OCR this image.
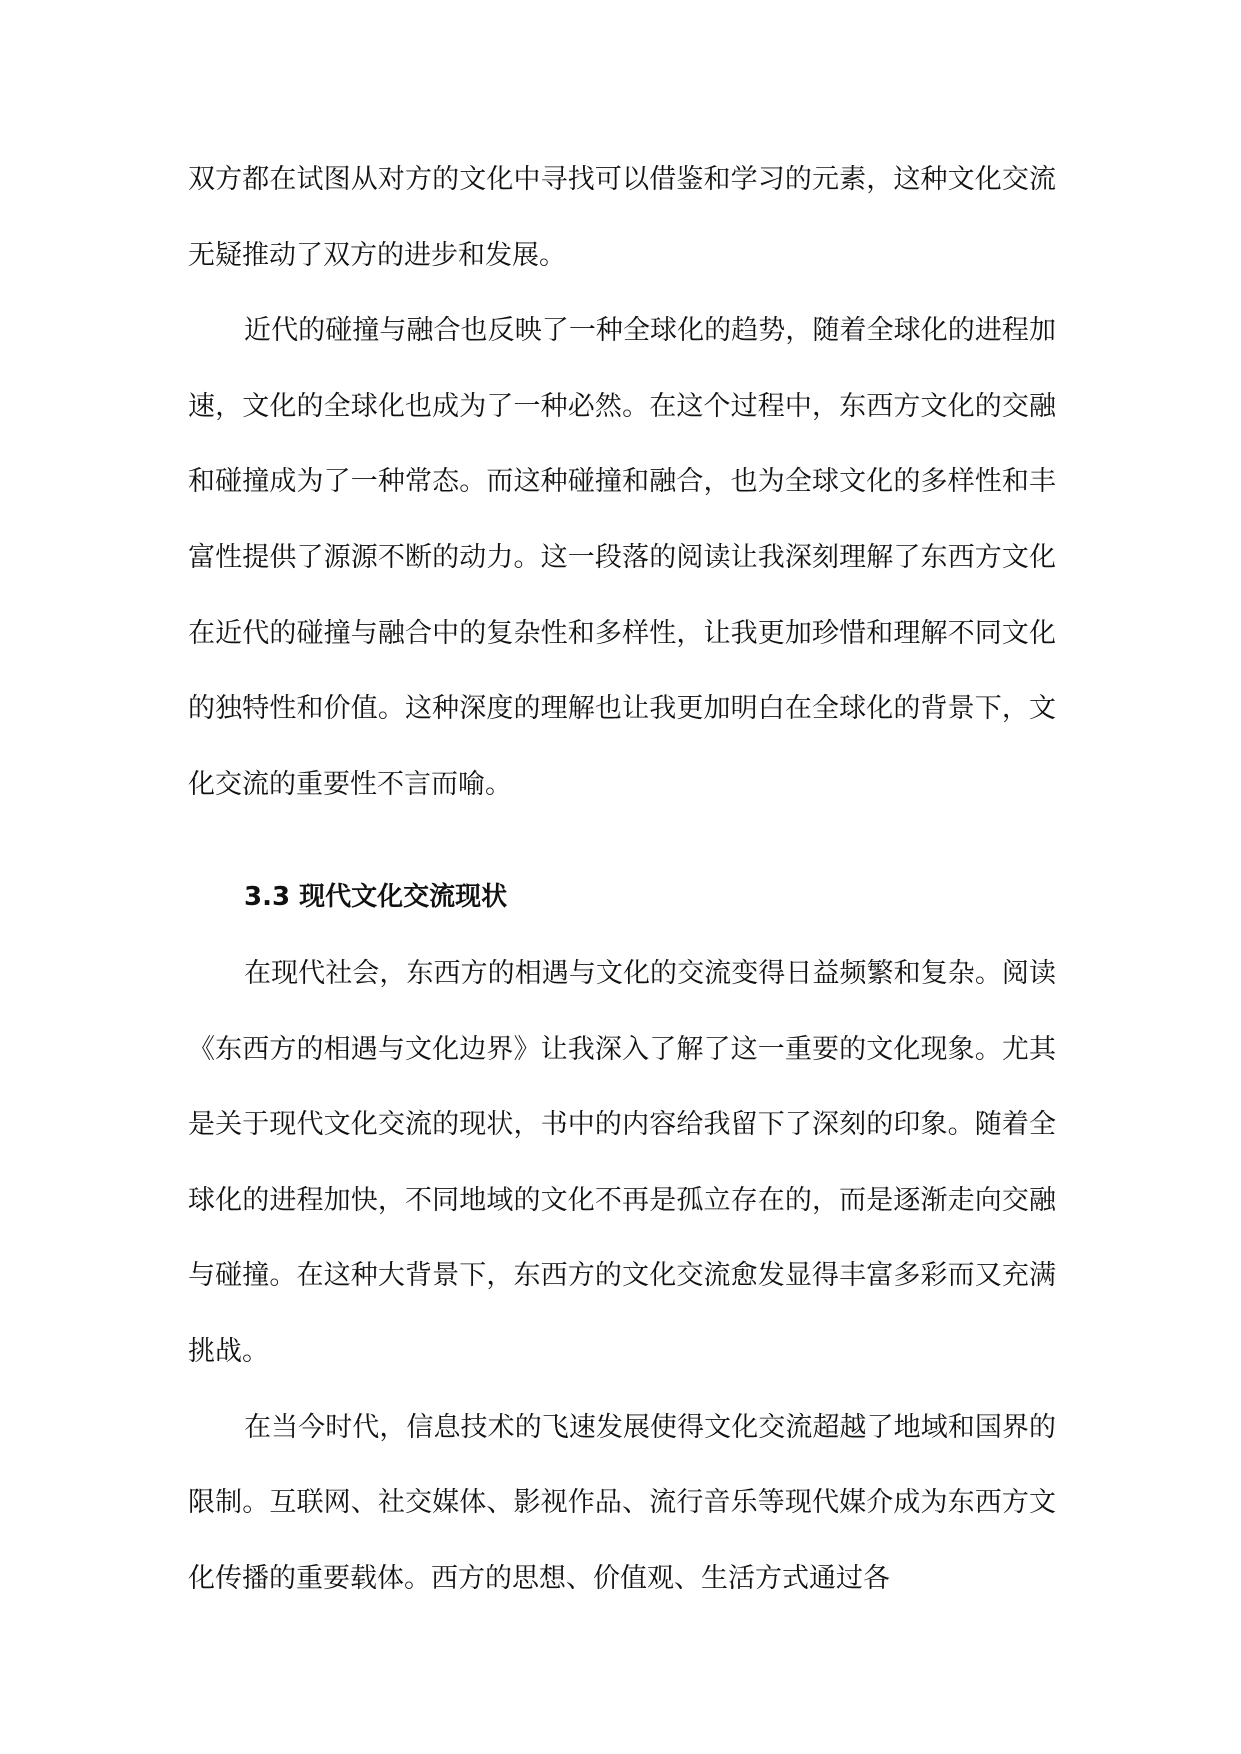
双方都在试图从对方的文化中寻找可以借鉴和学习的元素，这种文化交流无疑推动了双方的进步和发展。

近代的碰撞与融合也反映了一种全球化的趋势，随着全球化的进程加速，文化的全球化也成为了一种必然。在这个过程中，东西方文化的交融和碰撞成为了一种常态。而这种碰撞和融合，也为全球文化的多样性和丰富性提供了源源不断的动力。这一段落的阅读让我深刻理解了东西方文化在近代的碰撞与融合中的复杂性和多样性，让我更加珍惜和理解不同文化的独特性和价值。这种深度的理解也让我更加明白在全球化的背景下，文化交流的重要性不言而喻。

3.3 现代文化交流现状

在现代社会，东西方的相遇与文化的交流变得日益频繁和复杂。阅读《东西方的相遇与文化边界》让我深入了解了这一重要的文化现象。尤其是关于现代文化交流的现状，书中的内容给我留下了深刻的印象。随着全球化的进程加快，不同地域的文化不再是孤立存在的，而是逐渐走向交融与碰撞。在这种大背景下，东西方的文化交流愈发显得丰富多彩而又充满挑战。

在当今时代，信息技术的飞速发展使得文化交流超越了地域和国界的限制。互联网、社交媒体、影视作品、流行音乐等现代媒介成为东西方文化传播的重要载体。西方的思想、价值观、生活方式通过各
